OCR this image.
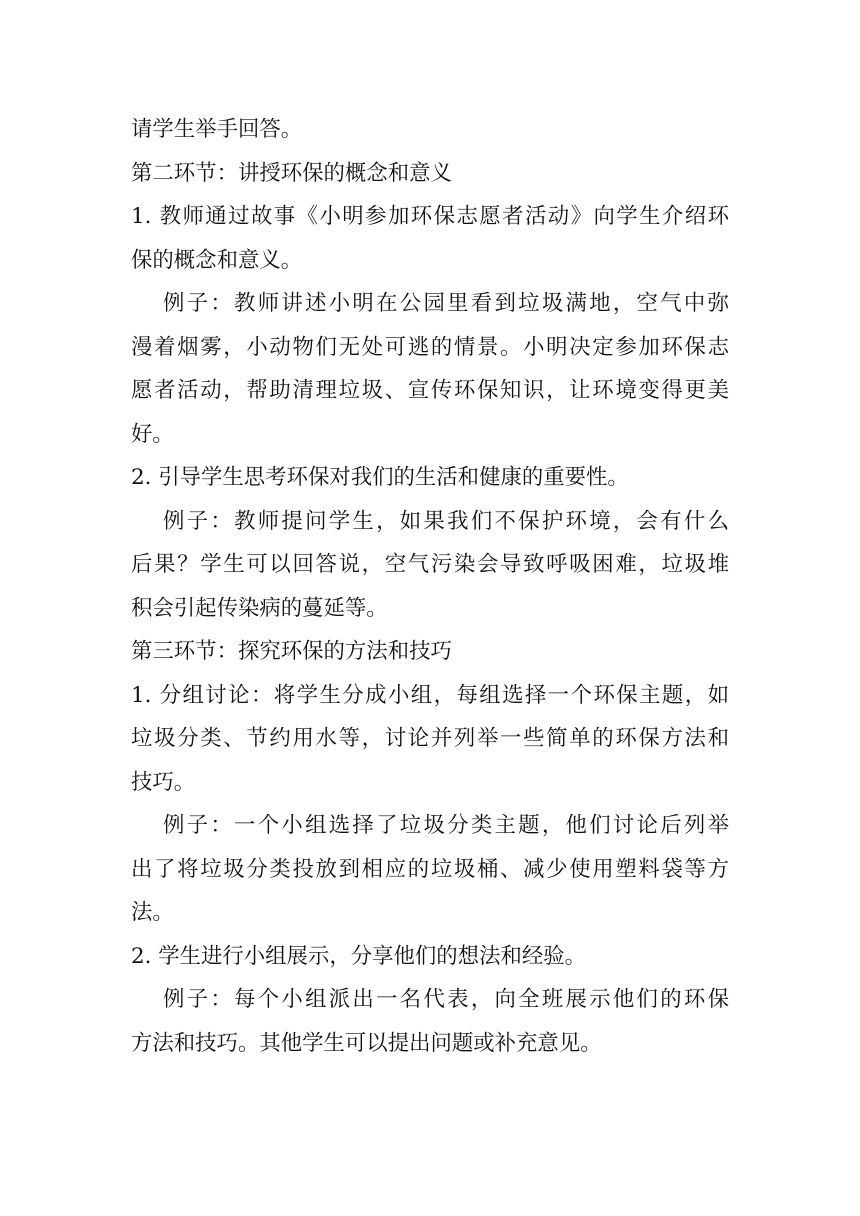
请学生举手回答。
第二环节：讲授环保的概念和意义
1. 教师通过故事《小明参加环保志愿者活动》向学生介绍环
保的概念和意义。
例子：教师讲述小明在公园里看到垃圾满地，空气中弥
漫着烟雾，小动物们无处可逃的情景。小明决定参加环保志
愿者活动，帮助清理垃圾、宣传环保知识，让环境变得更美
好。
2. 引导学生思考环保对我们的生活和健康的重要性。
例子：教师提问学生，如果我们不保护环境，会有什么
后果？学生可以回答说，空气污染会导致呼吸困难，垃圾堆
积会引起传染病的蔓延等。
第三环节：探究环保的方法和技巧
1. 分组讨论：将学生分成小组，每组选择一个环保主题，如
垃圾分类、节约用水等，讨论并列举一些简单的环保方法和
技巧。
例子：一个小组选择了垃圾分类主题，他们讨论后列举
出了将垃圾分类投放到相应的垃圾桶、减少使用塑料袋等方
法。
2. 学生进行小组展示，分享他们的想法和经验。
例子：每个小组派出一名代表，向全班展示他们的环保
方法和技巧。其他学生可以提出问题或补充意见。
